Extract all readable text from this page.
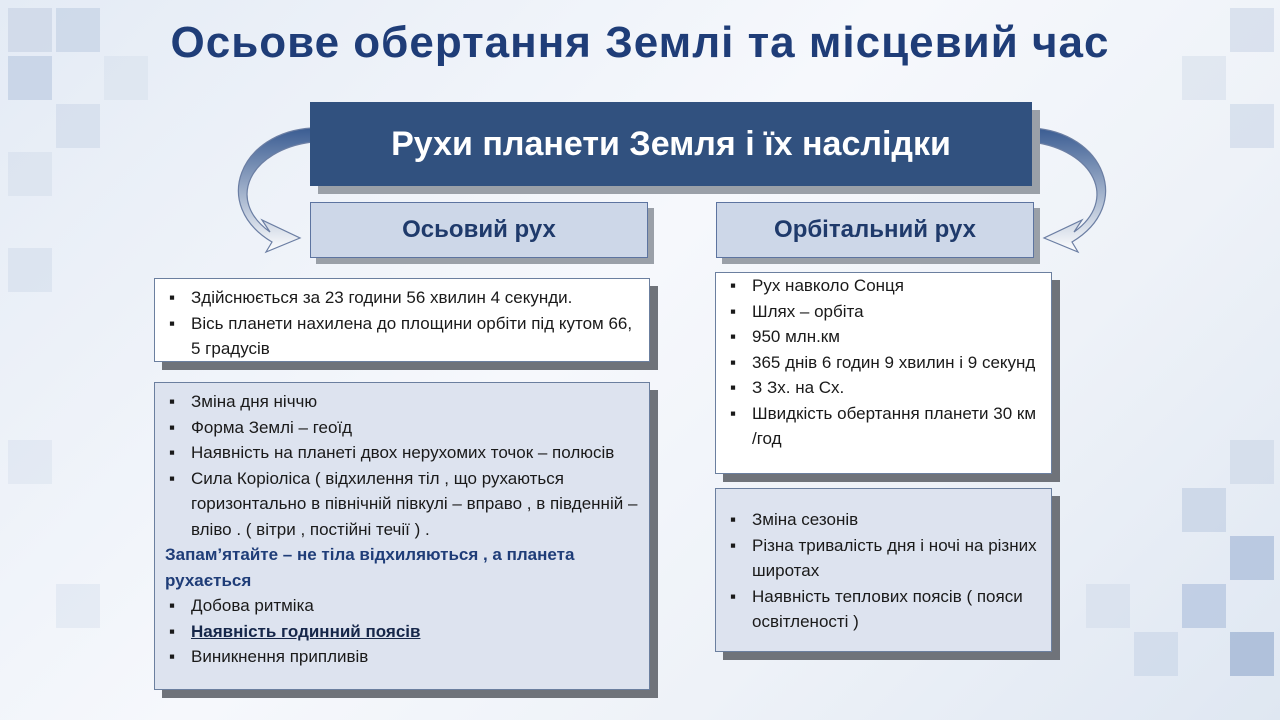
Осьове обертання Землі та місцевий час
Рухи планети Земля і їх наслідки
Осьовий рух	Орбітальний рух
▪ Здійснюється за 23 години 56 хвилин 4 секунди.
▪ Вісь планети нахилена до площини орбіти під кутом 66, 5 градусів
▪ Зміна дня ніччю
▪ Форма Землі – геоїд
▪ Наявність на планеті двох нерухомих точок – полюсів
▪ Сила Коріоліса ( відхилення тіл , що рухаються горизонтально в північній півкулі – вправо , в південній – вліво . ( вітри , постійні течії ) .
Запам’ятайте – не тіла відхиляються , а планета рухається
▪ Добова ритміка
▪ Наявність годинний поясів
▪ Виникнення припливів
▪ Рух навколо Сонця
▪ Шлях – орбіта
▪ 950 млн.км
▪ 365 днів 6 годин 9 хвилин і 9 секунд
▪ З Зх. на Сх.
▪ Швидкість обертання планети 30 км /год
▪ Зміна сезонів
▪ Різна тривалість дня і ночі на різних широтах
▪ Наявність теплових поясів ( пояси освітленості )
